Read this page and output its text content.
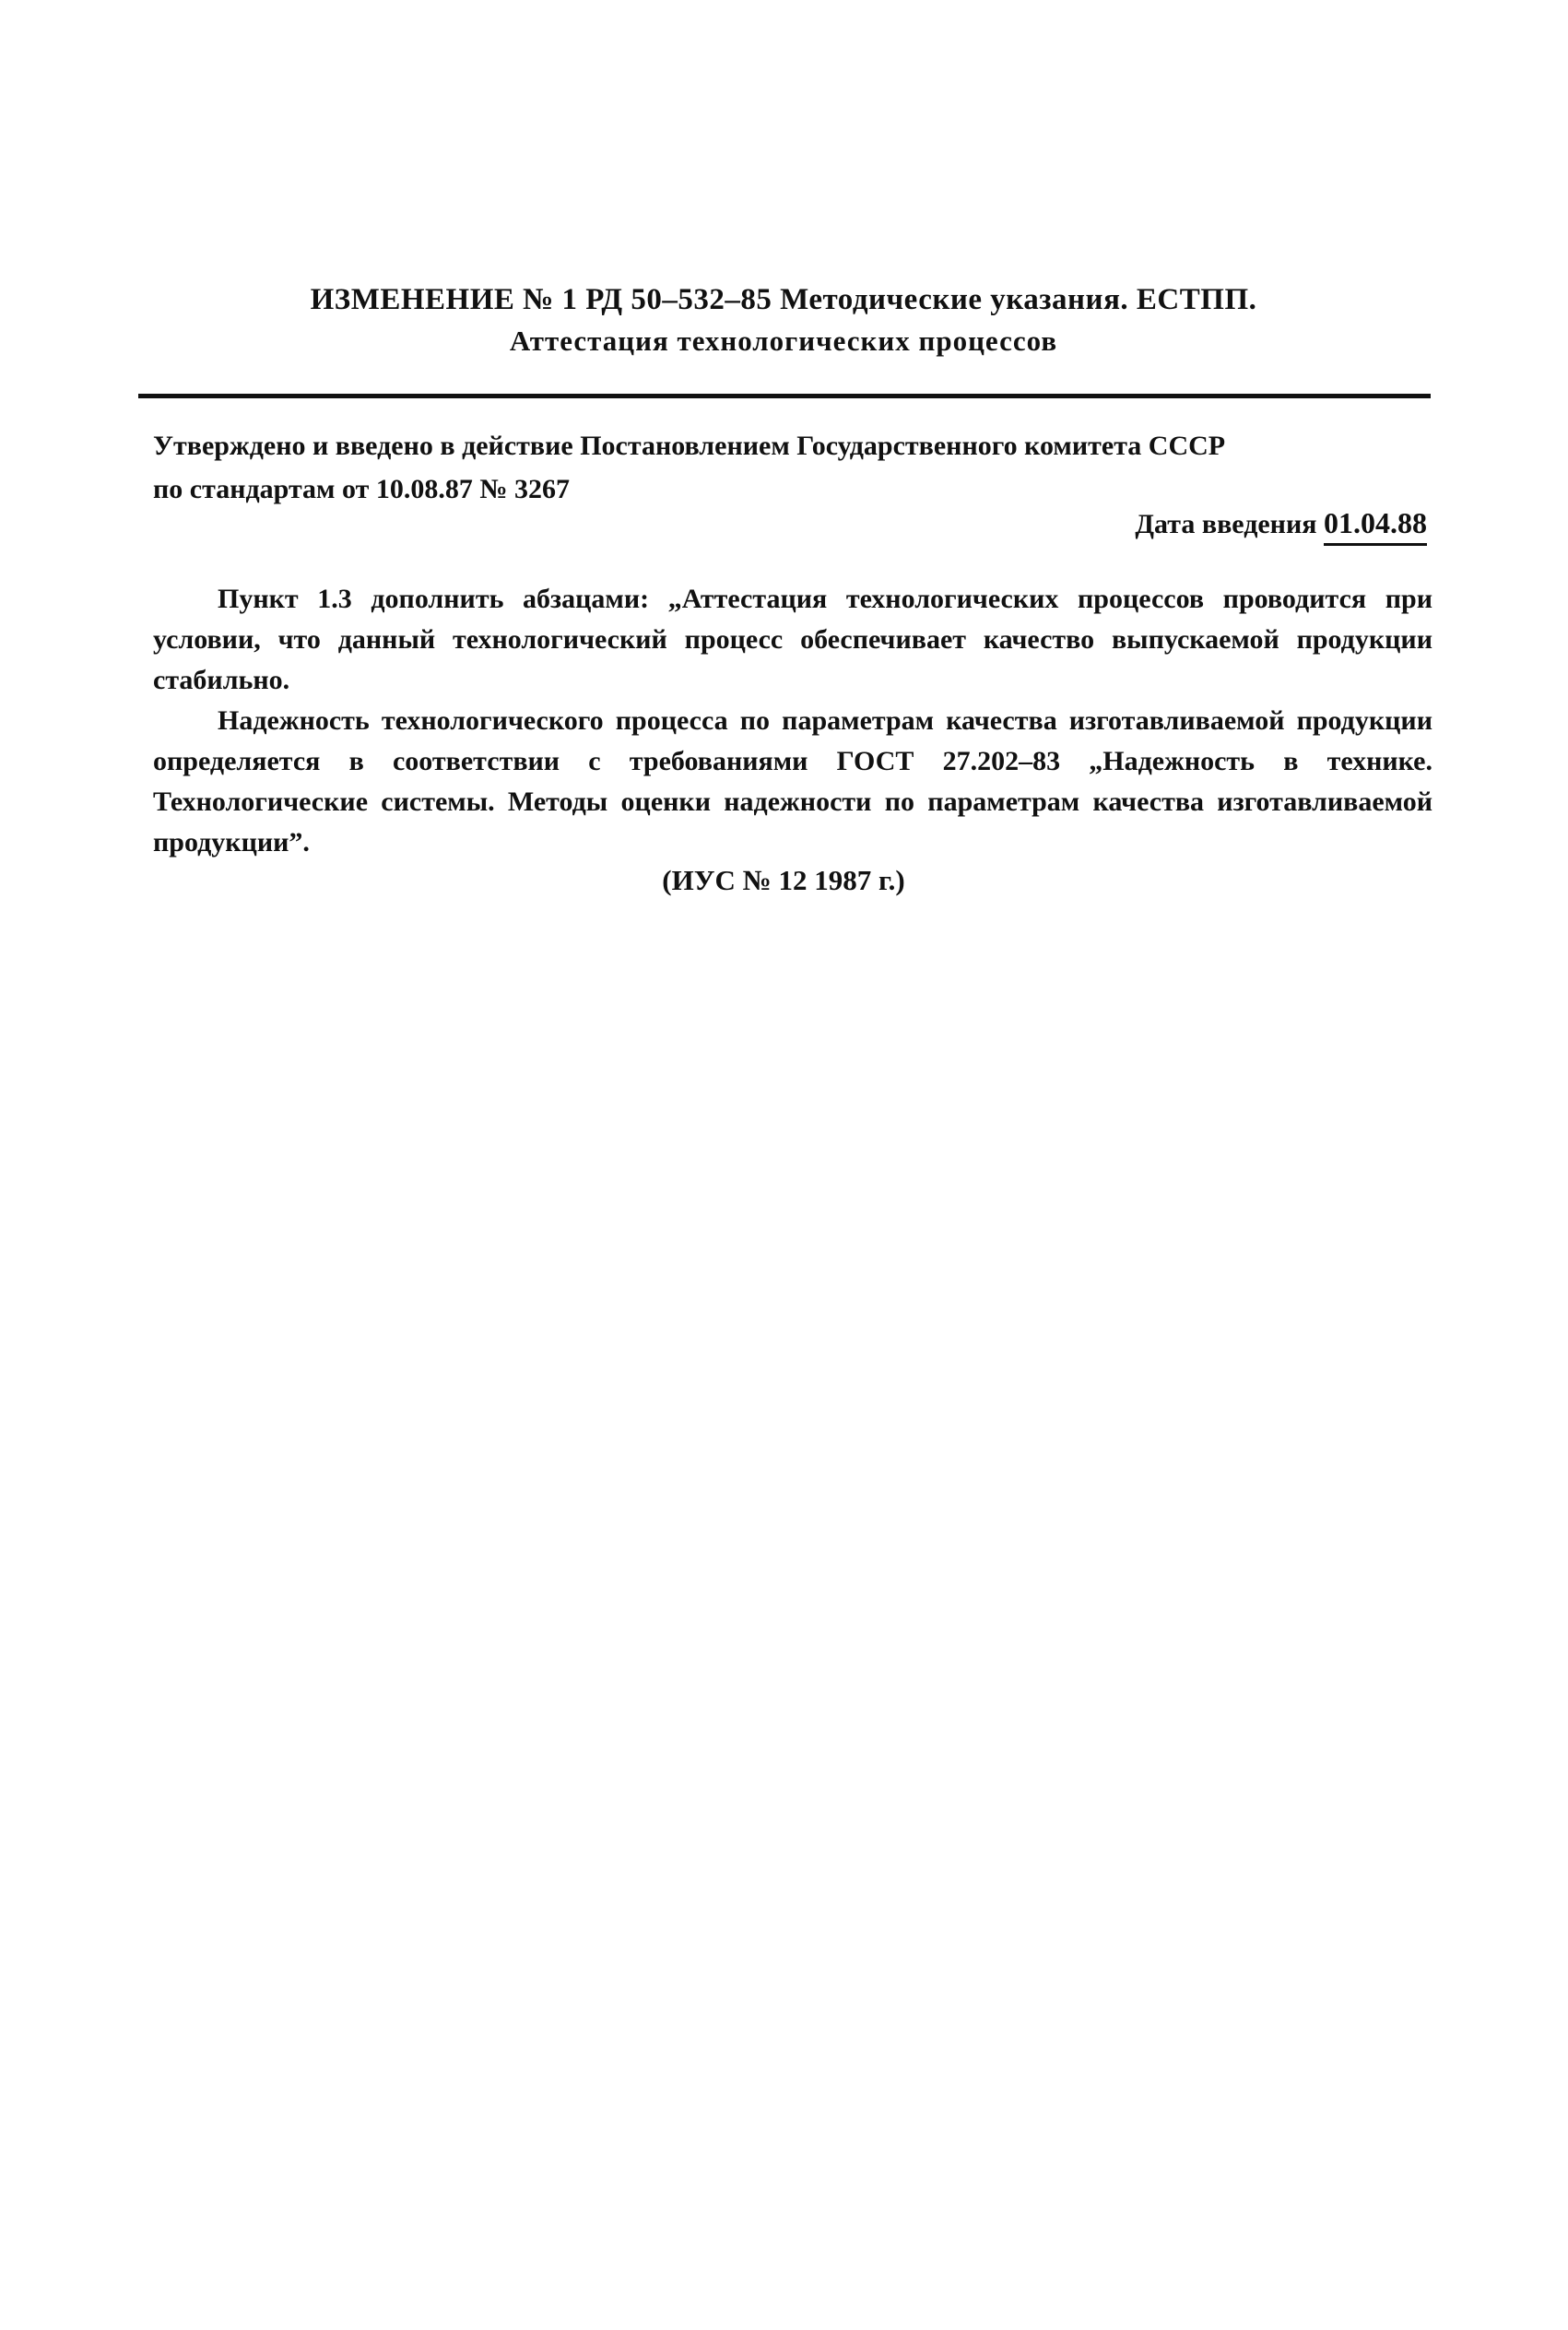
ИЗМЕНЕНИЕ № 1 РД 50–532–85 Методические указания. ЕСТПП.
Аттестация технологических процессов

Утверждено и введено в действие Постановлением Государственного комитета СССР

по стандартам от 10.08.87 № 3267

Дата введения 01.04.88

Пункт 1.3 дополнить абзацами: „Аттестация технологических процессов проводится при условии, что данный технологический процесс обеспечивает качество выпускаемой продукции стабильно.

Надежность технологического процесса по параметрам качества изготавливаемой продукции определяется в соответствии с требованиями ГОСТ 27.202–83 „Надежность в технике. Технологические системы. Методы оценки надежности по параметрам качества изготавливаемой продукции”.

(ИУС № 12 1987 г.)
